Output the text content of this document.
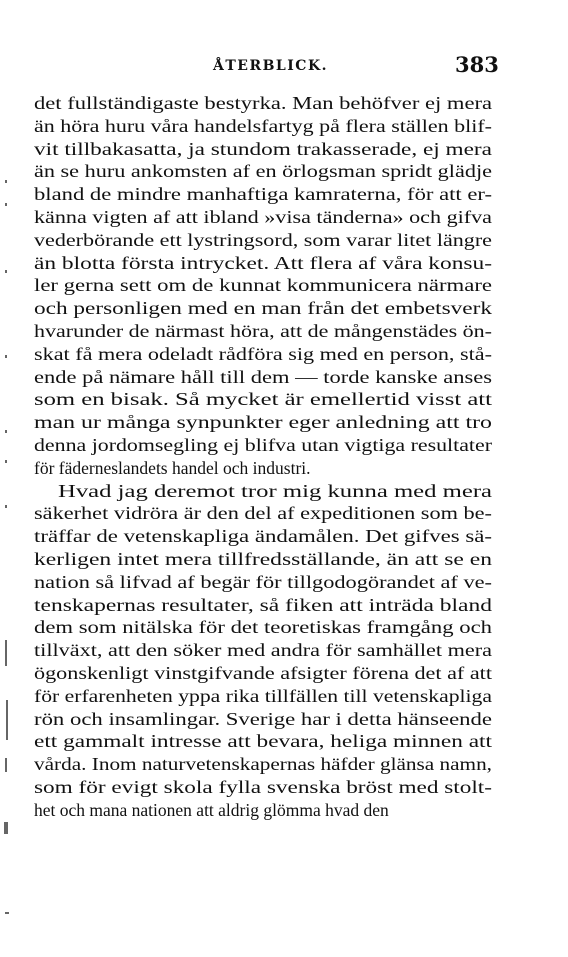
ÅTERBLICK.	383
det fullständigaste bestyrka. Man behöfver ej mera
än höra huru våra handelsfartyg på flera ställen blif-
vit tillbakasatta, ja stundom trakasserade, ej mera
än se huru ankomsten af en örlogsman spridt glädje
bland de mindre manhaftiga kamraterna, för att er-
känna vigten af att ibland »visa tänderna» och gifva
vederbörande ett lystringsord, som varar litet längre
än blotta första intrycket. Att flera af våra konsu-
ler gerna sett om de kunnat kommunicera närmare
och personligen med en man från det embetsverk
hvarunder de närmast höra, att de mångenstädes ön-
skat få mera odeladt rådföra sig med en person, stå-
ende på nämare håll till dem — torde kanske anses
som en bisak. Så mycket är emellertid visst att
man ur många synpunkter eger anledning att tro
denna jordomsegling ej blifva utan vigtiga resultater
för fäderneslandets handel och industri.
Hvad jag deremot tror mig kunna med mera
säkerhet vidröra är den del af expeditionen som be-
träffar de vetenskapliga ändamålen. Det gifves sä-
kerligen intet mera tillfredsställande, än att se en
nation så lifvad af begär för tillgodogörandet af ve-
tenskapernas resultater, så fiken att inträda bland
dem som nitälska för det teoretiskas framgång och
tillväxt, att den söker med andra för samhället mera
ögonskenligt vinstgifvande afsigter förena det af att
för erfarenheten yppa rika tillfällen till vetenskapliga
rön och insamlingar. Sverige har i detta hänseende
ett gammalt intresse att bevara, heliga minnen att
vårda. Inom naturvetenskapernas häfder glänsa namn,
som för evigt skola fylla svenska bröst med stolt-
het och mana nationen att aldrig glömma hvad den
